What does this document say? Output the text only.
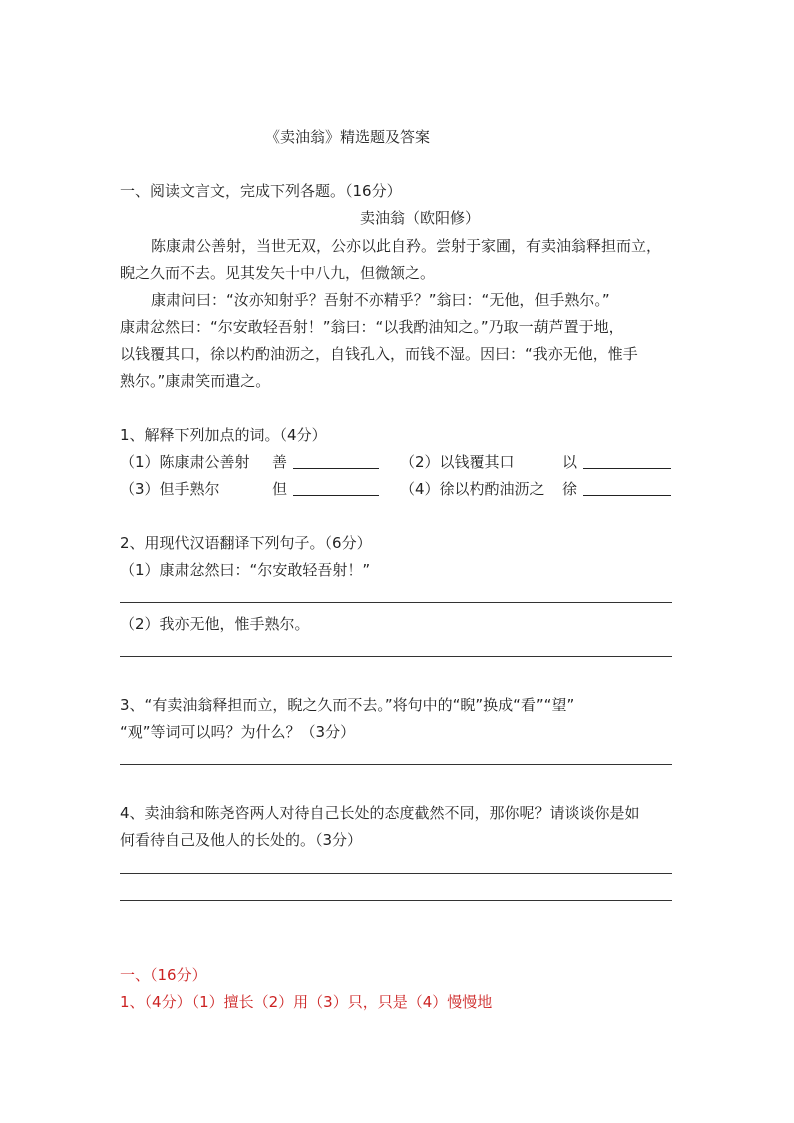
《卖油翁》精选题及答案
一、阅读文言文，完成下列各题。（16分）
卖油翁（欧阳修）
陈康肃公善射，当世无双，公亦以此自矜。尝射于家圃，有卖油翁释担而立，
睨之久而不去。见其发矢十中八九，但微颔之。
康肃问曰：“汝亦知射乎？吾射不亦精乎？”翁曰：“无他，但手熟尔。”
康肃忿然曰：“尔安敢轻吾射！”翁曰：“以我酌油知之。”乃取一葫芦置于地，
以钱覆其口，徐以杓酌油沥之，自钱孔入，而钱不湿。因曰：“我亦无他，惟手
熟尔。”康肃笑而遣之。
1、解释下列加点的词。（4分）
（1）陈康肃公善射 善	（2）以钱覆其口	以
（3）但手熟尔	但	（4）徐以杓酌油沥之 徐
2、用现代汉语翻译下列句子。（6分）
（1）康肃忿然曰：“尔安敢轻吾射！”
（2）我亦无他，惟手熟尔。
3、“有卖油翁释担而立，睨之久而不去。”将句中的“睨”换成“看”“望”
“观”等词可以吗？为什么？（3分）
4、卖油翁和陈尧咨两人对待自己长处的态度截然不同，那你呢？请谈谈你是如
何看待自己及他人的长处的。（3分）
一、（16分）
1、（4分）（1）擅长（2）用（3）只，只是（4）慢慢地
